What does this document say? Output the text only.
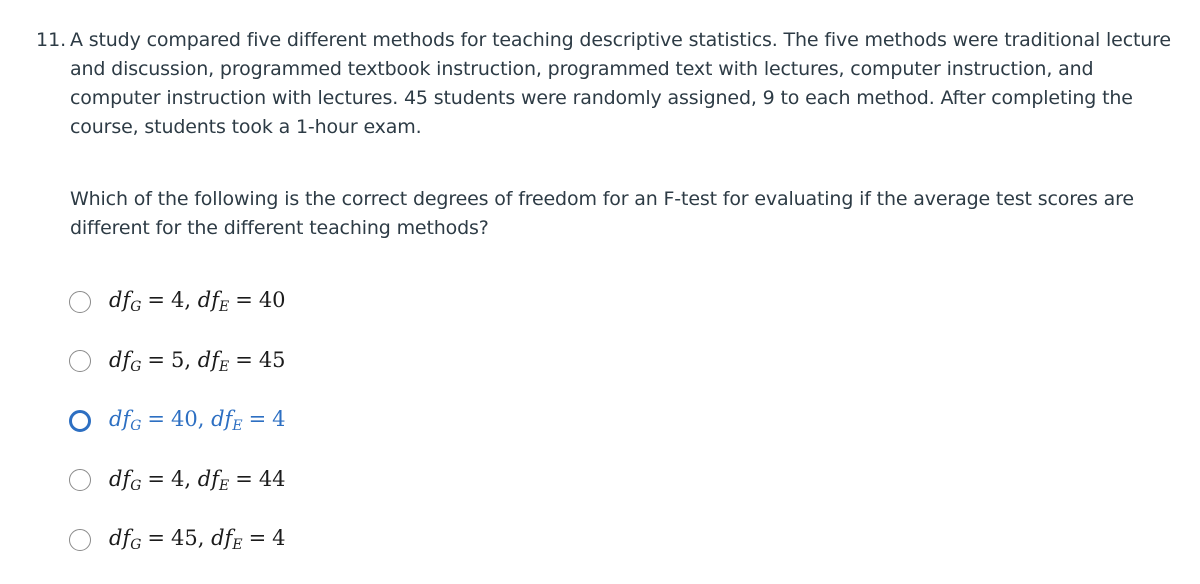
11. A study compared five different methods for teaching descriptive statistics. The five methods were traditional lecture and discussion, programmed textbook instruction, programmed text with lectures, computer instruction, and computer instruction with lectures. 45 students were randomly assigned, 9 to each method. After completing the course, students took a 1-hour exam.
Which of the following is the correct degrees of freedom for an F-test for evaluating if the average test scores are different for the different teaching methods?
$df_G = 4$, $df_E = 40$
$df_G = 5$, $df_E = 45$
$df_G = 40$, $df_E = 4$
$df_G = 4$, $df_E = 44$
$df_G = 45$, $df_E = 4$
